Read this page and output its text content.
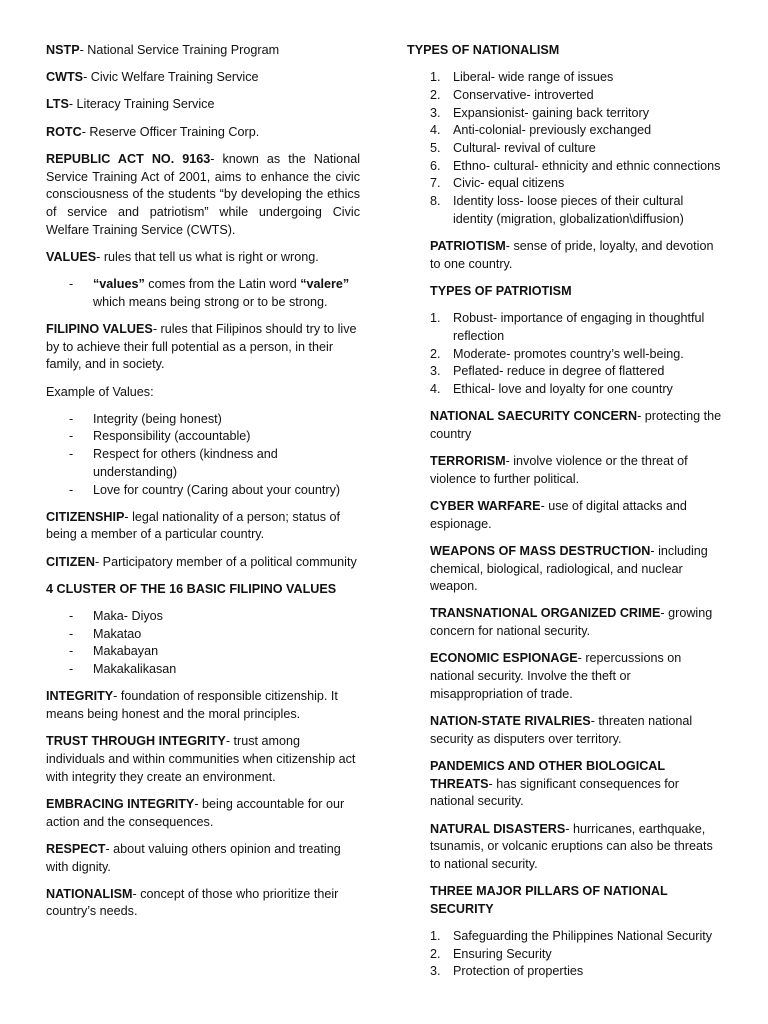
NSTP- National Service Training Program

CWTS- Civic Welfare Training Service

LTS- Literacy Training Service

ROTC- Reserve Officer Training Corp.

REPUBLIC ACT NO. 9163- known as the National Service Training Act of 2001, aims to enhance the civic consciousness of the students “by developing the ethics of service and patriotism” while undergoing Civic Welfare Training Service (CWTS).

VALUES- rules that tell us what is right or wrong.

- “values” comes from the Latin word “valere” which means being strong or to be strong.

FILIPINO VALUES- rules that Filipinos should try to live by to achieve their full potential as a person, in their family, and in society.

Example of Values:

- Integrity (being honest)
- Responsibility (accountable)
- Respect for others (kindness and understanding)
- Love for country (Caring about your country)

CITIZENSHIP- legal nationality of a person; status of being a member of a particular country.

CITIZEN- Participatory member of a political community

4 CLUSTER OF THE 16 BASIC FILIPINO VALUES
- Maka- Diyos
- Makatao
- Makabayan
- Makakalikasan

INTEGRITY- foundation of responsible citizenship. It means being honest and the moral principles.

TRUST THROUGH INTEGRITY- trust among individuals and within communities when citizenship act with integrity they create an environment.

EMBRACING INTEGRITY- being accountable for our action and the consequences.

RESPECT- about valuing others opinion and treating with dignity.

NATIONALISM- concept of those who prioritize their country’s needs.

TYPES OF NATIONALISM
1. Liberal- wide range of issues
2. Conservative- introverted
3. Expansionist- gaining back territory
4. Anti-colonial- previously exchanged
5. Cultural- revival of culture
6. Ethno- cultural- ethnicity and ethnic connections
7. Civic- equal citizens
8. Identity loss- loose pieces of their cultural identity (migration, globalization\diffusion)

PATRIOTISM- sense of pride, loyalty, and devotion to one country.

TYPES OF PATRIOTISM
1. Robust- importance of engaging in thoughtful reflection
2. Moderate- promotes country’s well-being.
3. Peflated- reduce in degree of flattered
4. Ethical- love and loyalty for one country

NATIONAL SAECURITY CONCERN- protecting the country

TERRORISM- involve violence or the threat of violence to further political.

CYBER WARFARE- use of digital attacks and espionage.

WEAPONS OF MASS DESTRUCTION- including chemical, biological, radiological, and nuclear weapon.

TRANSNATIONAL ORGANIZED CRIME- growing concern for national security.

ECONOMIC ESPIONAGE- repercussions on national security. Involve the theft or misappropriation of trade.

NATION-STATE RIVALRIES- threaten national security as disputers over territory.

PANDEMICS AND OTHER BIOLOGICAL THREATS- has significant consequences for national security.

NATURAL DISASTERS- hurricanes, earthquake, tsunamis, or volcanic eruptions can also be threats to national security.

THREE MAJOR PILLARS OF NATIONAL SECURITY
1. Safeguarding the Philippines National Security
2. Ensuring Security
3. Protection of properties
